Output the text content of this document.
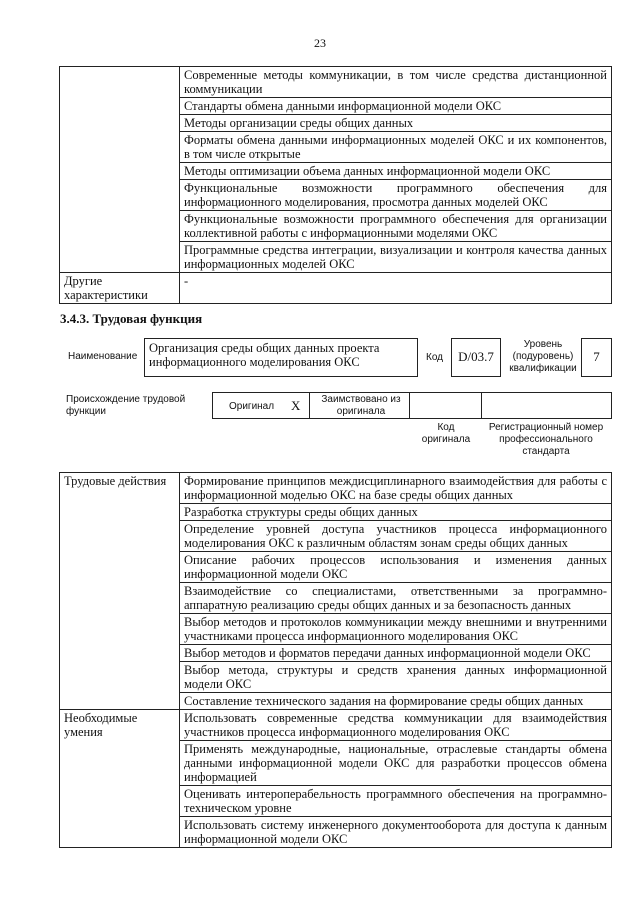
23
	Современные методы коммуникации, в том числе средства дистанционной коммуникации
	Стандарты обмена данными информационной модели ОКС
	Методы организации среды общих данных
	Форматы обмена данными информационных моделей ОКС и их компонентов, в том числе открытые
	Методы оптимизации объема данных информационной модели ОКС
	Функциональные возможности программного обеспечения для информационного моделирования, просмотра данных моделей ОКС
	Функциональные возможности программного обеспечения для организации коллективной работы с информационными моделями ОКС
	Программные средства интеграции, визуализации и контроля качества данных информационных моделей ОКС
Другие характеристики	-
3.4.3. Трудовая функция
Наименование
Организация среды общих данных проекта информационного моделирования ОКС	Код	D/03.7
Уровень (подуровень) квалификации
7
Происхождение трудовой функции	Оригинал X	Заимствовано из оригинала
Код оригинала
Регистрационный номер профессионального стандарта
Трудовые действия	Формирование принципов междисциплинарного взаимодействия для работы с информационной моделью ОКС на базе среды общих данных
	Разработка структуры среды общих данных
	Определение уровней доступа участников процесса информационного моделирования ОКС к различным областям зонам среды общих данных
	Описание рабочих процессов использования и изменения данных информационной модели ОКС
	Взаимодействие со специалистами, ответственными за программно-аппаратную реализацию среды общих данных и за безопасность данных
	Выбор методов и протоколов коммуникации между внешними и внутренними участниками процесса информационного моделирования ОКС
	Выбор методов и форматов передачи данных информационной модели ОКС
	Выбор метода, структуры и средств хранения данных информационной модели ОКС
	Составление технического задания на формирование среды общих данных
Необходимые умения	Использовать современные средства коммуникации для взаимодействия участников процесса информационного моделирования ОКС
	Применять международные, национальные, отраслевые стандарты обмена данными информационной модели ОКС для разработки процессов обмена информацией
	Оценивать интероперабельность программного обеспечения на программно-техническом уровне
	Использовать систему инженерного документооборота для доступа к данным информационной модели ОКС
